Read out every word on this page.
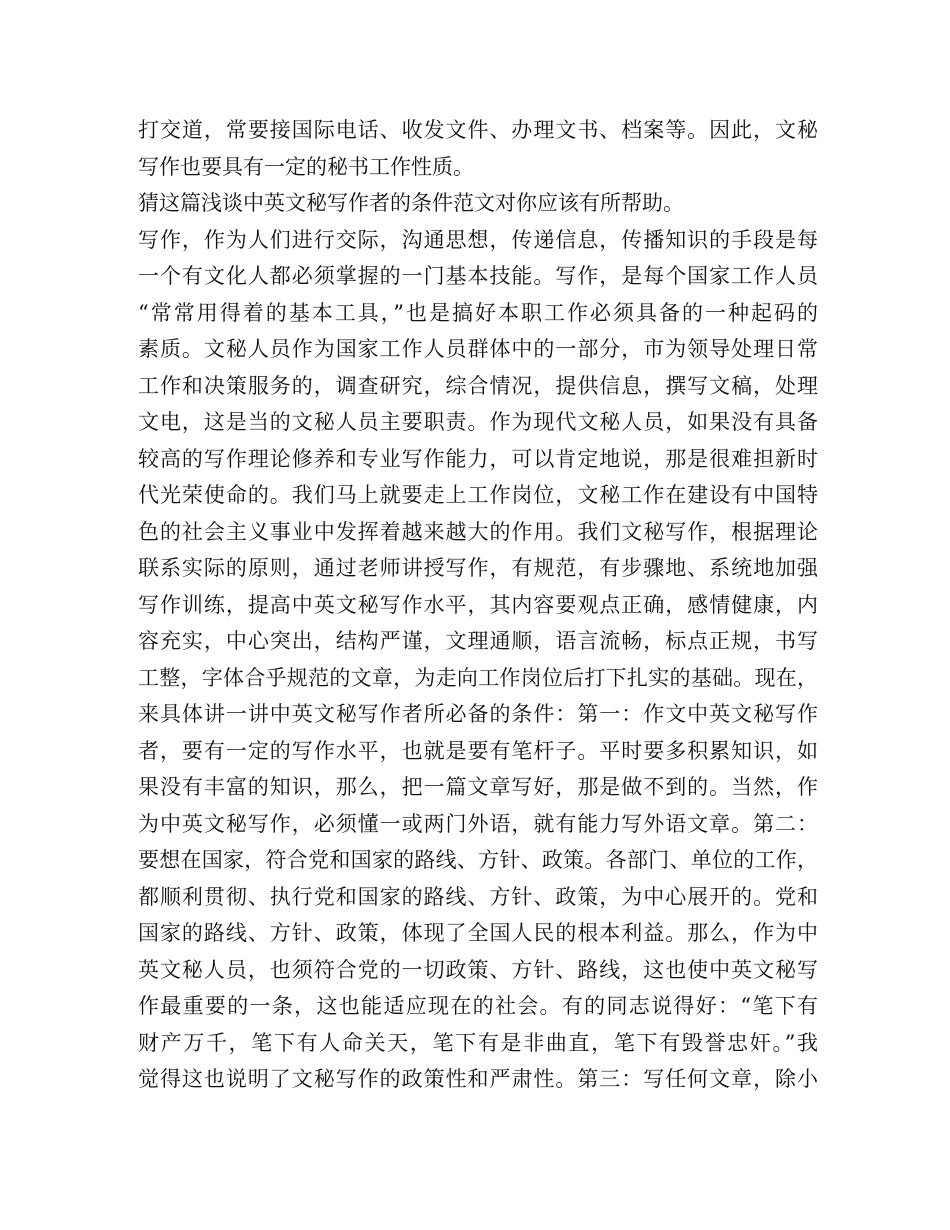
打交道，常要接国际电话、收发文件、办理文书、档案等。因此，文秘
写作也要具有一定的秘书工作性质。
猜这篇浅谈中英文秘写作者的条件范文对你应该有所帮助。
写作，作为人们进行交际，沟通思想，传递信息，传播知识的手段是每
一个有文化人都必须掌握的一门基本技能。写作，是每个国家工作人员
“常常用得着的基本工具，”也是搞好本职工作必须具备的一种起码的
素质。文秘人员作为国家工作人员群体中的一部分，市为领导处理日常
工作和决策服务的，调查研究，综合情况，提供信息，撰写文稿，处理
文电，这是当的文秘人员主要职责。作为现代文秘人员，如果没有具备
较高的写作理论修养和专业写作能力，可以肯定地说，那是很难担新时
代光荣使命的。我们马上就要走上工作岗位，文秘工作在建设有中国特
色的社会主义事业中发挥着越来越大的作用。我们文秘写作，根据理论
联系实际的原则，通过老师讲授写作，有规范，有步骤地、系统地加强
写作训练，提高中英文秘写作水平，其内容要观点正确，感情健康，内
容充实，中心突出，结构严谨，文理通顺，语言流畅，标点正规，书写
工整，字体合乎规范的文章，为走向工作岗位后打下扎实的基础。现在，
来具体讲一讲中英文秘写作者所必备的条件：第一：作文中英文秘写作
者，要有一定的写作水平，也就是要有笔杆子。平时要多积累知识，如
果没有丰富的知识，那么，把一篇文章写好，那是做不到的。当然，作
为中英文秘写作，必须懂一或两门外语，就有能力写外语文章。第二：
要想在国家，符合党和国家的路线、方针、政策。各部门、单位的工作，
都顺利贯彻、执行党和国家的路线、方针、政策，为中心展开的。党和
国家的路线、方针、政策，体现了全国人民的根本利益。那么，作为中
英文秘人员，也须符合党的一切政策、方针、路线，这也使中英文秘写
作最重要的一条，这也能适应现在的社会。有的同志说得好：“笔下有
财产万千，笔下有人命关天，笔下有是非曲直，笔下有毁誉忠奸。”我
觉得这也说明了文秘写作的政策性和严肃性。第三：写任何文章，除小
